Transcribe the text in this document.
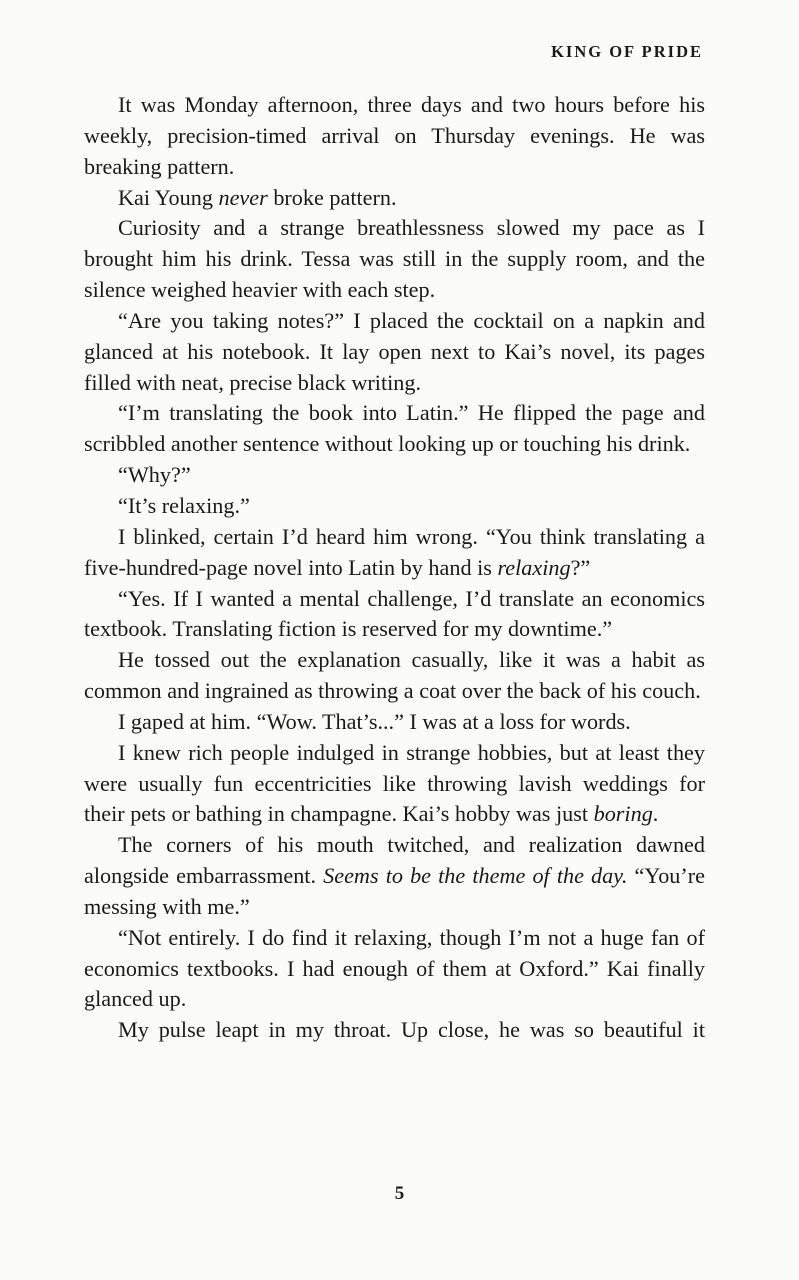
KING OF PRIDE

It was Monday afternoon, three days and two hours before his weekly, precision-timed arrival on Thursday evenings. He was breaking pattern.

Kai Young never broke pattern.

Curiosity and a strange breathlessness slowed my pace as I brought him his drink. Tessa was still in the supply room, and the silence weighed heavier with each step.

“Are you taking notes?” I placed the cocktail on a napkin and glanced at his notebook. It lay open next to Kai’s novel, its pages filled with neat, precise black writing.

“I’m translating the book into Latin.” He flipped the page and scribbled another sentence without looking up or touching his drink.

“Why?”

“It’s relaxing.”

I blinked, certain I’d heard him wrong. “You think translating a five-hundred-page novel into Latin by hand is relaxing?”

“Yes. If I wanted a mental challenge, I’d translate an economics textbook. Translating fiction is reserved for my downtime.”

He tossed out the explanation casually, like it was a habit as common and ingrained as throwing a coat over the back of his couch.

I gaped at him. “Wow. That’s...” I was at a loss for words.

I knew rich people indulged in strange hobbies, but at least they were usually fun eccentricities like throwing lavish weddings for their pets or bathing in champagne. Kai’s hobby was just boring.

The corners of his mouth twitched, and realization dawned alongside embarrassment. Seems to be the theme of the day. “You’re messing with me.”

“Not entirely. I do find it relaxing, though I’m not a huge fan of economics textbooks. I had enough of them at Oxford.” Kai finally glanced up.

My pulse leapt in my throat. Up close, he was so beautiful it

5
